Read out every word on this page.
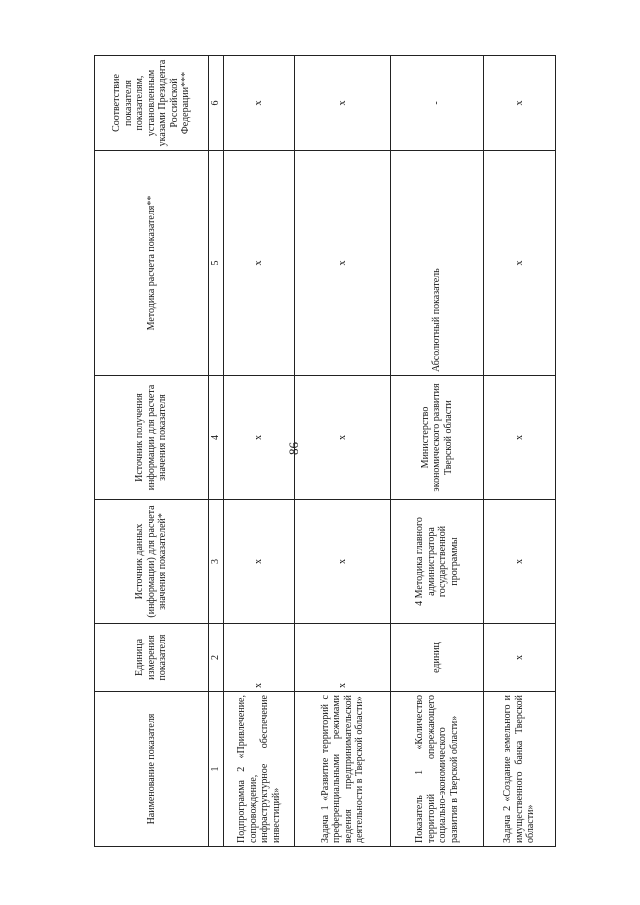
86
Наименование показателя	Единица измерения показателя	Источник данных (информации) для расчета значения показателей*	Источник получения информации для расчета значения показателя	Методика расчета показателя**	Соответствие показателя показателям, установленным указами Президента Российской Федерации***
1	2	3	4	5	6
Подпрограмма 2 «Привлечение, сопровождение, инфраструктурное обеспечение инвестиций»	x	x	x	x	x
Задача 1 «Развитие территорий с преференциальными режимами ведения предпринимательской деятельности в Тверской области»	x	x	x	x	x
Показатель 1 «Количество территорий опережающего социально-экономического развития в Тверской области»	единиц	4 Методика главного администратора государственной программы	Министерство экономического развития Тверской области	Абсолютный показатель	-
Задача 2 «Создание земельного и имущественного банка Тверской области»	x	x	x	x	x
